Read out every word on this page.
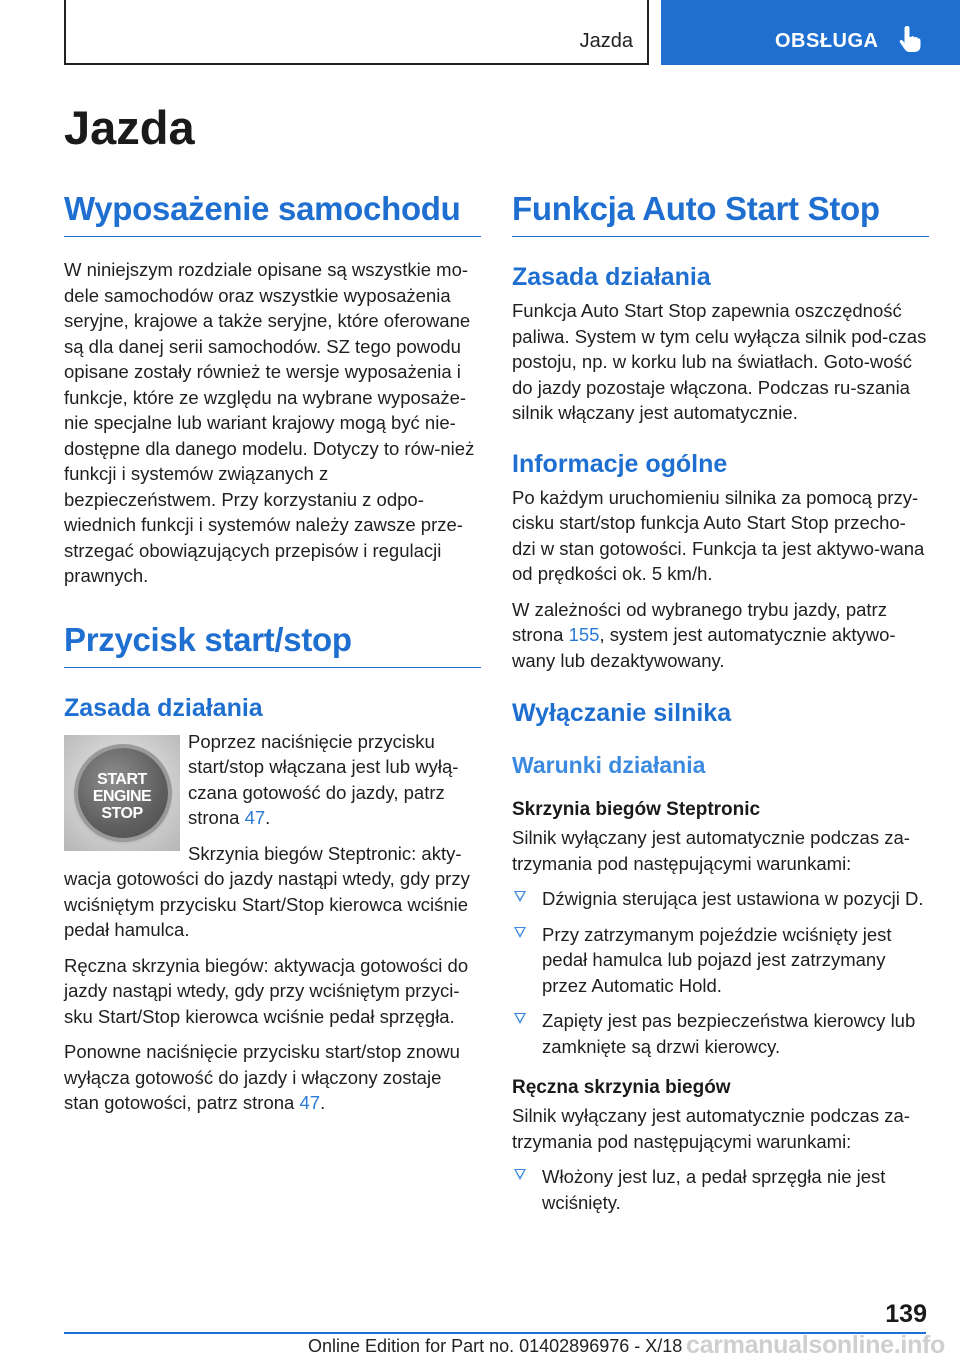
Jazda	OBSŁUGA
Jazda
Wyposażenie samochodu

W niniejszym rozdziale opisane są wszystkie mo-dele samochodów oraz wszystkie wyposażenia seryjne, krajowe a także seryjne, które oferowane są dla danej serii samochodów. SZ tego powodu opisane zostały również te wersje wyposażenia i funkcje, które ze względu na wybrane wyposaże-nie specjalne lub wariant krajowy mogą być nie-dostępne dla danego modelu. Dotyczy to rów-nież funkcji i systemów związanych z bezpieczeństwem. Przy korzystaniu z odpo-wiednich funkcji i systemów należy zawsze prze-strzegać obowiązujących przepisów i regulacji prawnych.

Przycisk start/stop
Zasada działania
START
ENGINE
STOP

Poprzez naciśnięcie przycisku start/stop włączana jest lub wyłą-czana gotowość do jazdy, patrz strona 47.

Skrzynia biegów Steptronic: akty-wacja gotowości do jazdy nastąpi wtedy, gdy przy wciśniętym przycisku Start/Stop kierowca wciśnie pedał hamulca.

Ręczna skrzynia biegów: aktywacja gotowości do jazdy nastąpi wtedy, gdy przy wciśniętym przyci-sku Start/Stop kierowca wciśnie pedał sprzęgła.

Ponowne naciśnięcie przycisku start/stop znowu wyłącza gotowość do jazdy i włączony zostaje stan gotowości, patrz strona 47.

Funkcja Auto Start Stop
Zasada działania

Funkcja Auto Start Stop zapewnia oszczędność paliwa. System w tym celu wyłącza silnik pod-czas postoju, np. w korku lub na światłach. Goto-wość do jazdy pozostaje włączona. Podczas ru-szania silnik włączany jest automatycznie.

Informacje ogólne

Po każdym uruchomieniu silnika za pomocą przy-cisku start/stop funkcja Auto Start Stop przecho-dzi w stan gotowości. Funkcja ta jest aktywo-wana od prędkości ok. 5 km/h.

W zależności od wybranego trybu jazdy, patrz strona 155, system jest automatycznie aktywo-wany lub dezaktywowany.

Wyłączanie silnika
Warunki działania
Skrzynia biegów Steptronic

Silnik wyłączany jest automatycznie podczas za-trzymania pod następującymi warunkami:

Dźwignia sterująca jest ustawiona w pozycji D.
Przy zatrzymanym pojeździe wciśnięty jest pedał hamulca lub pojazd jest zatrzymany przez Automatic Hold.
Zapięty jest pas bezpieczeństwa kierowcy lub zamknięte są drzwi kierowcy.
Ręczna skrzynia biegów

Silnik wyłączany jest automatycznie podczas za-trzymania pod następującymi warunkami:

Włożony jest luz, a pedał sprzęgła nie jest wciśnięty.
139
Online Edition for Part no. 01402896976 - X/18 carmanualsonline.info
